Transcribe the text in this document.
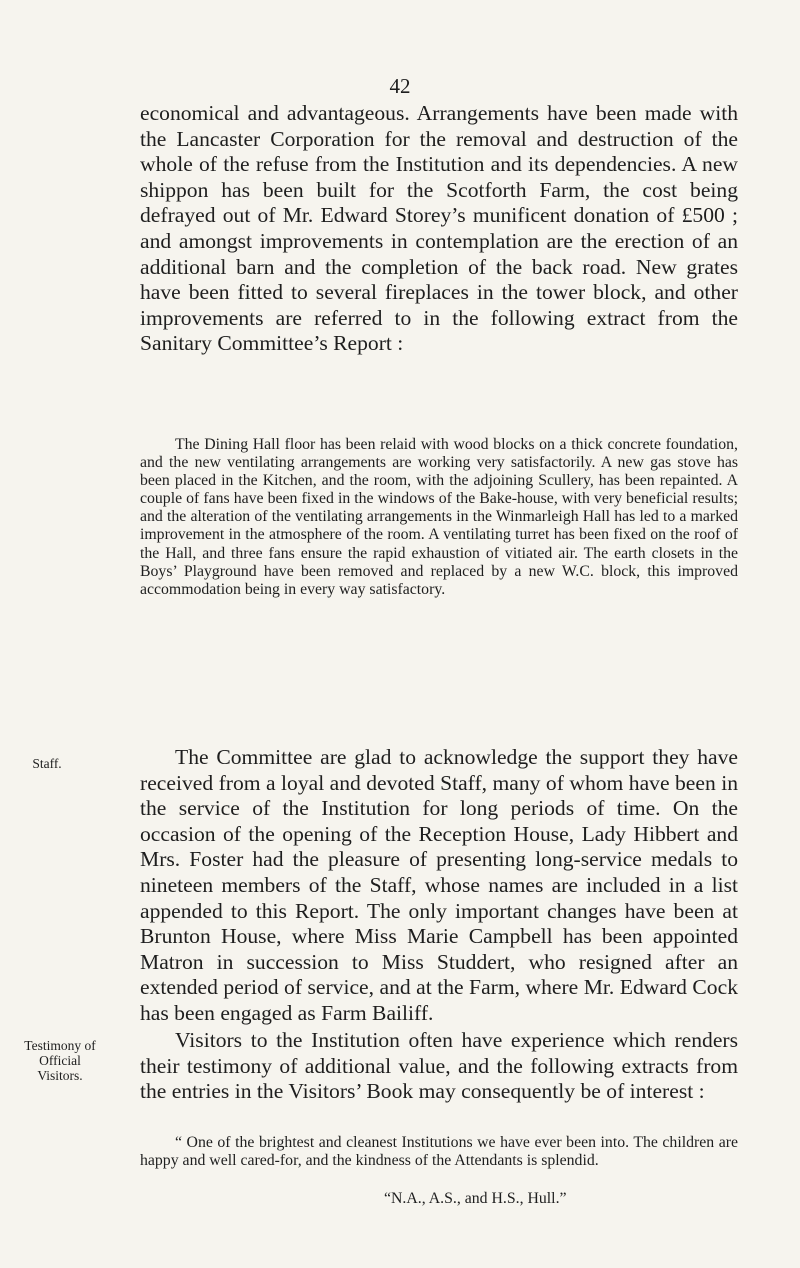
42

economical and advantageous. Arrangements have been made with the Lancaster Corporation for the removal and destruction of the whole of the refuse from the Institution and its dependencies. A new shippon has been built for the Scotforth Farm, the cost being defrayed out of Mr. Edward Storey’s munificent donation of £500 ; and amongst improvements in contemplation are the erection of an additional barn and the completion of the back road. New grates have been fitted to several fireplaces in the tower block, and other improvements are referred to in the following extract from the Sanitary Committee’s Report :

The Dining Hall floor has been relaid with wood blocks on a thick concrete foundation, and the new ventilating arrangements are working very satisfactorily. A new gas stove has been placed in the Kitchen, and the room, with the adjoining Scullery, has been repainted. A couple of fans have been fixed in the windows of the Bake-house, with very beneficial results; and the alteration of the ventilating arrangements in the Winmarleigh Hall has led to a marked improvement in the atmosphere of the room. A ventilating turret has been fixed on the roof of the Hall, and three fans ensure the rapid exhaustion of vitiated air. The earth closets in the Boys’ Playground have been removed and replaced by a new W.C. block, this improved accommodation being in every way satisfactory.

Staff.	The Committee are glad to acknowledge the support they have received from a loyal and devoted Staff, many of whom have been in the service of the Institution for long periods of time. On the occasion of the opening of the Reception House, Lady Hibbert and Mrs. Foster had the pleasure of presenting long-service medals to nineteen members of the Staff, whose names are included in a list appended to this Report. The only important changes have been at Brunton House, where Miss Marie Campbell has been appointed Matron in succession to Miss Studdert, who resigned after an extended period of service, and at the Farm, where Mr. Edward Cock has been engaged as Farm Bailiff.

Testimony of
Official
Visitors.

Visitors to the Institution often have experience which renders their testimony of additional value, and the following extracts from the entries in the Visitors’ Book may consequently be of interest :

“ One of the brightest and cleanest Institutions we have ever been into. The children are happy and well cared-for, and the kindness of the Attendants is splendid.

“N.A., A.S., and H.S., Hull.”
